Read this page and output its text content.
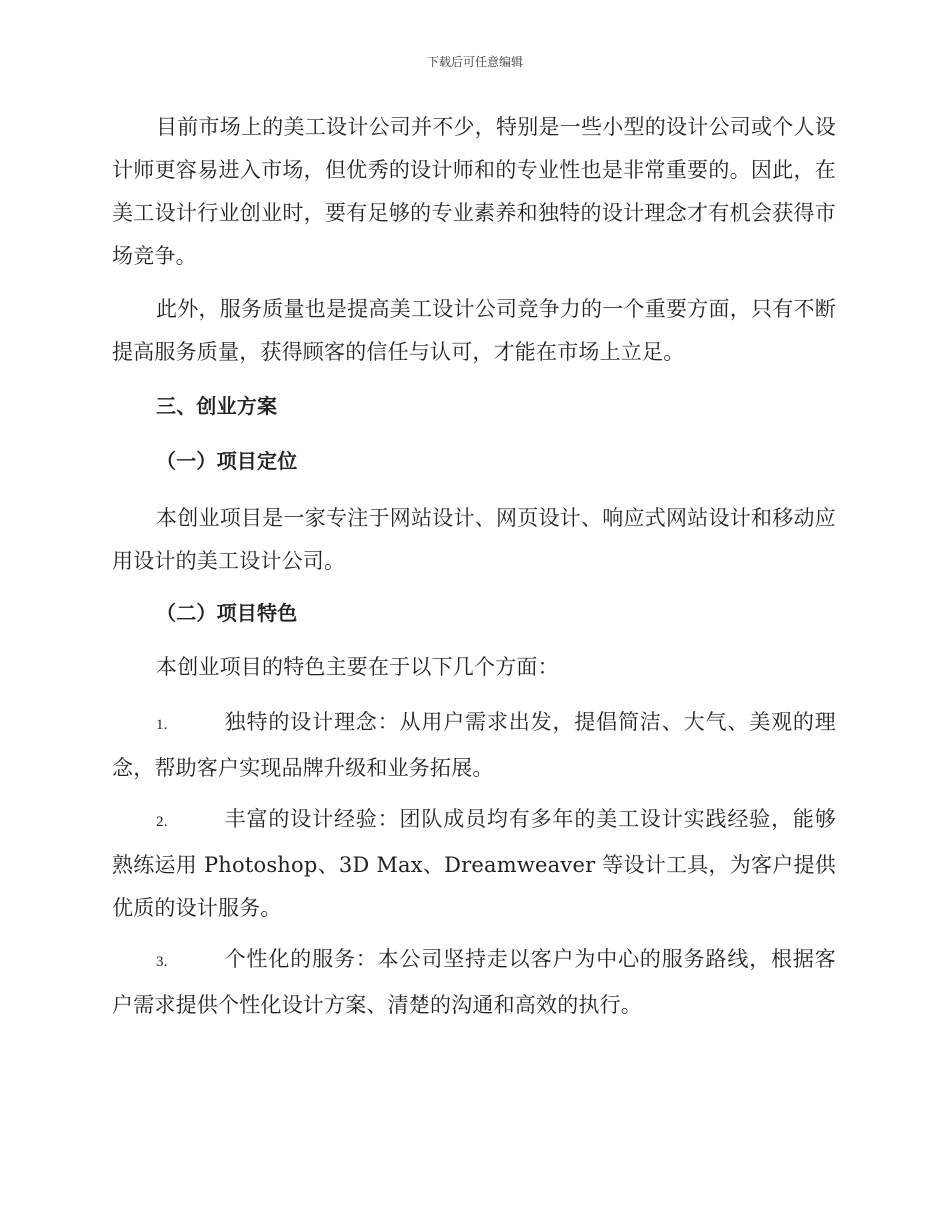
下载后可任意编辑

目前市场上的美工设计公司并不少，特别是一些小型的设计公司或个人设计师更容易进入市场，但优秀的设计师和的专业性也是非常重要的。因此，在美工设计行业创业时，要有足够的专业素养和独特的设计理念才有机会获得市场竞争。

此外，服务质量也是提高美工设计公司竞争力的一个重要方面，只有不断提高服务质量，获得顾客的信任与认可，才能在市场上立足。

三、创业方案

（一）项目定位

本创业项目是一家专注于网站设计、网页设计、响应式网站设计和移动应用设计的美工设计公司。

（二）项目特色

本创业项目的特色主要在于以下几个方面：

1.	独特的设计理念：从用户需求出发，提倡简洁、大气、美观的理念，帮助客户实现品牌升级和业务拓展。

2.	丰富的设计经验：团队成员均有多年的美工设计实践经验，能够熟练运用 Photoshop、3D Max、Dreamweaver 等设计工具，为客户提供优质的设计服务。

3.	个性化的服务：本公司坚持走以客户为中心的服务路线，根据客户需求提供个性化设计方案、清楚的沟通和高效的执行。
